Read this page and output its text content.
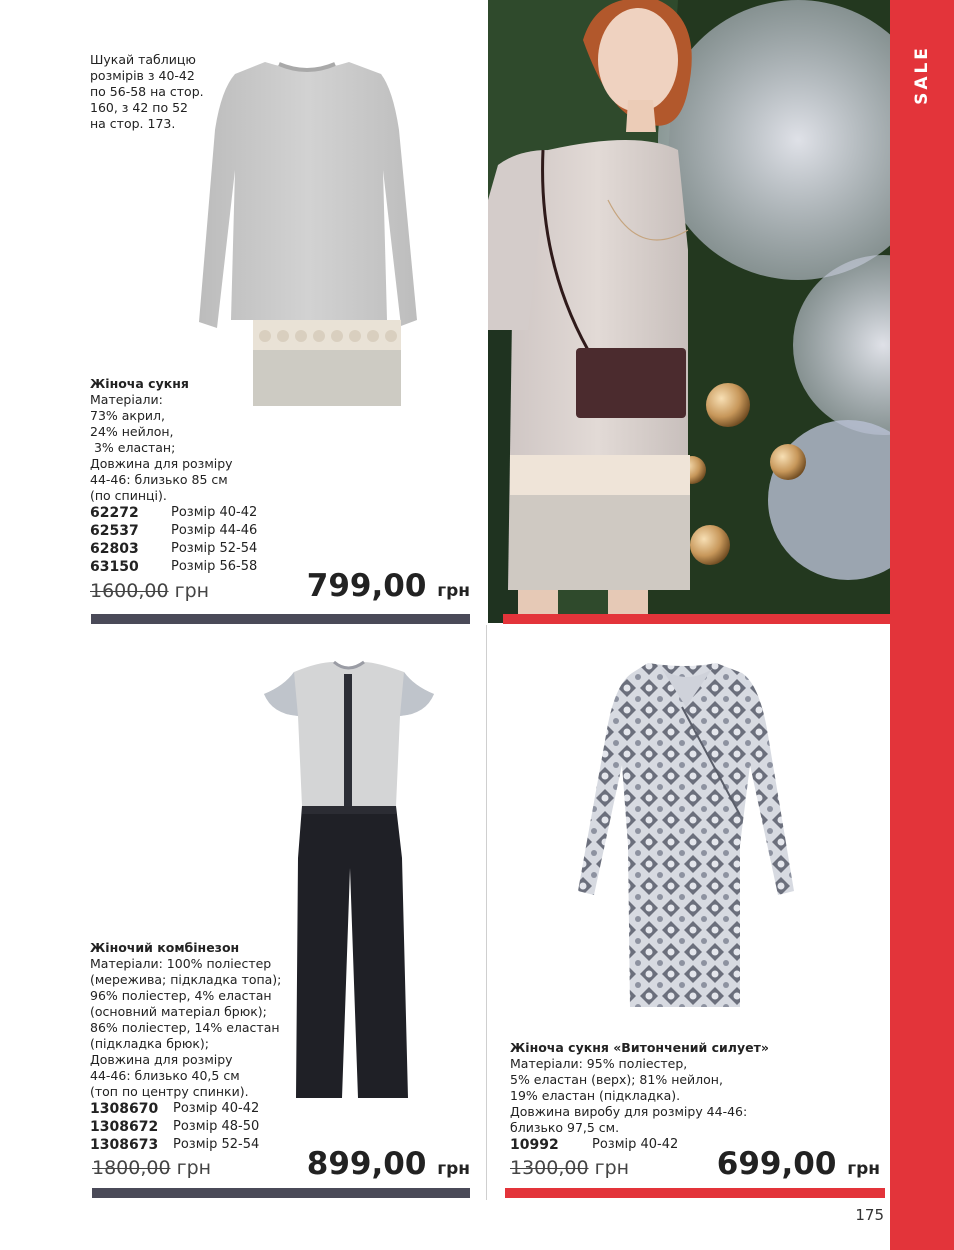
SALE
Шукай таблицю
розмірів з 40-42
по 56-58 на стор.
160, з 42 по 52
на стор. 173.
Жіноча сукня
Матеріали:
73% акрил,
24% нейлон,
3% еластан;
Довжина для розміру
44-46: близько 85 см
(по спинці).
62272	Розмір 40-42
62537	Розмір 44-46
62803	Розмір 52-54
63150	Розмір 56-58
1600,00 грн	799,00 грн
Жіночий комбінезон
Матеріали: 100% поліестер
(мережива; підкладка топа);
96% поліестер, 4% еластан
(основний матеріал брюк);
86% поліестер, 14% еластан
(підкладка брюк);
Довжина для розміру
44-46: близько 40,5 см
(топ по центру спинки).
1308670	Розмір 40-42
1308672	Розмір 48-50
1308673	Розмір 52-54
1800,00 грн	899,00 грн
Жіноча сукня «Витончений силует»
Матеріали: 95% поліестер,
5% еластан (верх); 81% нейлон,
19% еластан (підкладка).
Довжина виробу для розміру 44-46:
близько 97,5 см.
10992	Розмір 40-42
1300,00 грн	699,00 грн
175
